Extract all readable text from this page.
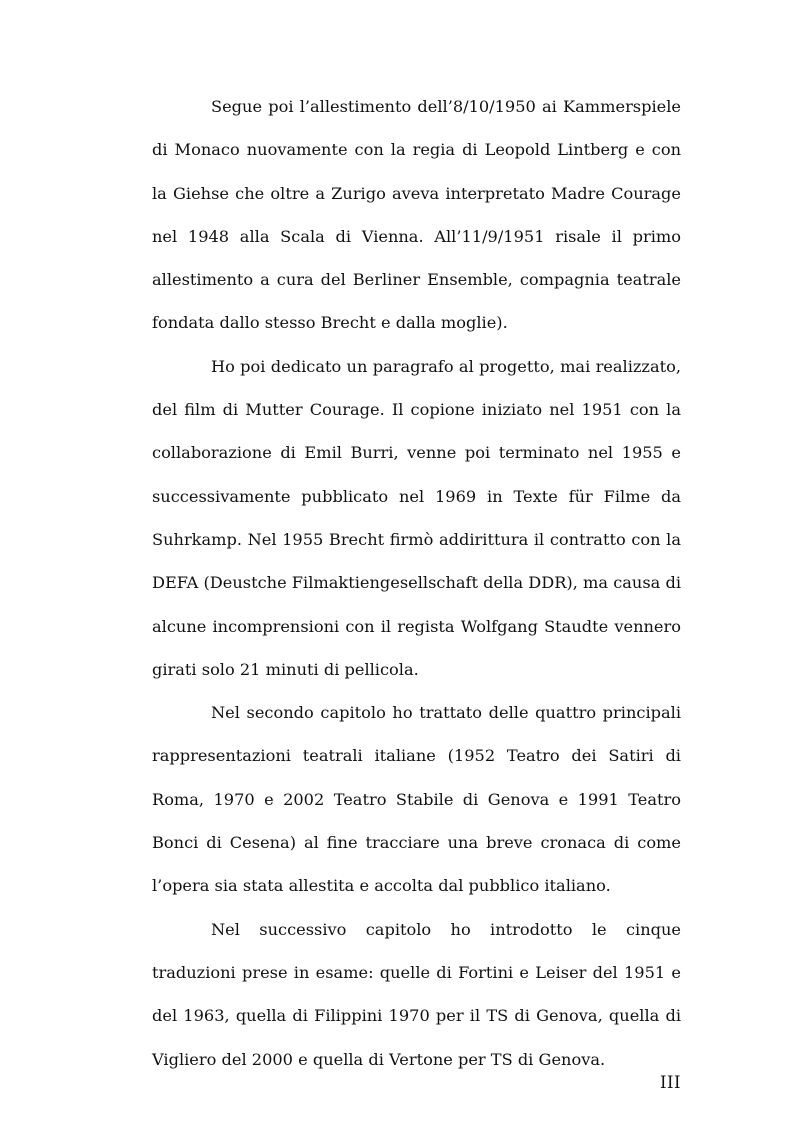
Segue poi l’allestimento dell’8/10/1950 ai Kammerspiele di Monaco nuovamente con la regia di Leopold Lintberg e con la Giehse che oltre a Zurigo aveva interpretato Madre Courage nel 1948 alla Scala di Vienna. All’11/9/1951 risale il primo allestimento a cura del Berliner Ensemble, compagnia teatrale fondata dallo stesso Brecht e dalla moglie).

Ho poi dedicato un paragrafo al progetto, mai realizzato, del film di Mutter Courage. Il copione iniziato nel 1951 con la collaborazione di Emil Burri, venne poi terminato nel 1955 e successivamente pubblicato nel 1969 in Texte für Filme da Suhrkamp. Nel 1955 Brecht firmò addirittura il contratto con la DEFA (Deustche Filmaktiengesellschaft della DDR), ma causa di alcune incomprensioni con il regista Wolfgang Staudte vennero girati solo 21 minuti di pellicola.

Nel secondo capitolo ho trattato delle quattro principali rappresentazioni teatrali italiane (1952 Teatro dei Satiri di Roma, 1970 e 2002 Teatro Stabile di Genova e 1991 Teatro Bonci di Cesena) al fine tracciare una breve cronaca di come l’opera sia stata allestita e accolta dal pubblico italiano.

Nel successivo capitolo ho introdotto le cinque traduzioni prese in esame: quelle di Fortini e Leiser del 1951 e del 1963, quella di Filippini 1970 per il TS di Genova, quella di Vigliero del 2000 e quella di Vertone per TS di Genova.

III
